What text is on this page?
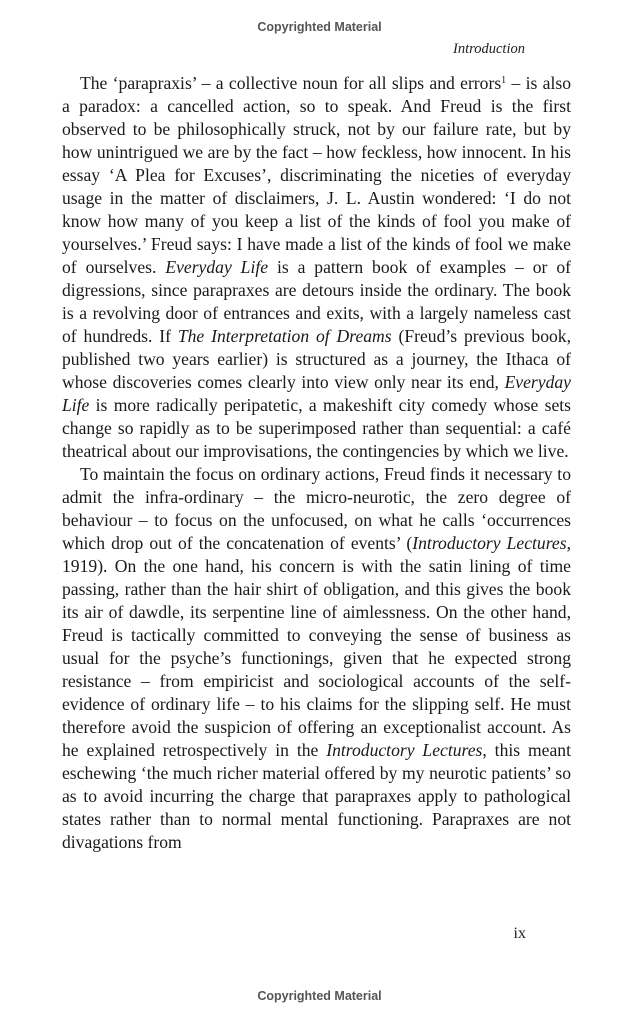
Copyrighted Material
Introduction

The ‘parapraxis’ – a collective noun for all slips and errors$^1$ – is also a paradox: a cancelled action, so to speak. And Freud is the first observed to be philosophically struck, not by our failure rate, but by how unintrigued we are by the fact – how feckless, how innocent. In his essay ‘A Plea for Excuses’, discriminating the niceties of everyday usage in the matter of disclaimers, J. L. Austin wondered: ‘I do not know how many of you keep a list of the kinds of fool you make of yourselves.’ Freud says: I have made a list of the kinds of fool we make of ourselves. Everyday Life is a pattern book of examples – or of digressions, since parapraxes are detours inside the ordinary. The book is a revolving door of entrances and exits, with a largely nameless cast of hundreds. If The Interpretation of Dreams (Freud’s previous book, published two years earlier) is structured as a journey, the Ithaca of whose discoveries comes clearly into view only near its end, Everyday Life is more radically peripatetic, a makeshift city comedy whose sets change so rapidly as to be superimposed rather than sequential: a café theatrical about our improvisations, the contingencies by which we live.

To maintain the focus on ordinary actions, Freud finds it necessary to admit the infra-ordinary – the micro-neurotic, the zero degree of behaviour – to focus on the unfocused, on what he calls ‘occurrences which drop out of the concatenation of events’ (Introductory Lectures, 1919). On the one hand, his concern is with the satin lining of time passing, rather than the hair shirt of obligation, and this gives the book its air of dawdle, its serpentine line of aimlessness. On the other hand, Freud is tactically committed to conveying the sense of business as usual for the psyche’s functionings, given that he expected strong resistance – from empiricist and sociological accounts of the self-evidence of ordinary life – to his claims for the slipping self. He must therefore avoid the suspicion of offering an exceptionalist account. As he explained retrospectively in the Introductory Lectures, this meant eschewing ‘the much richer material offered by my neurotic patients’ so as to avoid incurring the charge that parapraxes apply to pathological states rather than to normal mental functioning. Parapraxes are not divagations from

ix
Copyrighted Material
